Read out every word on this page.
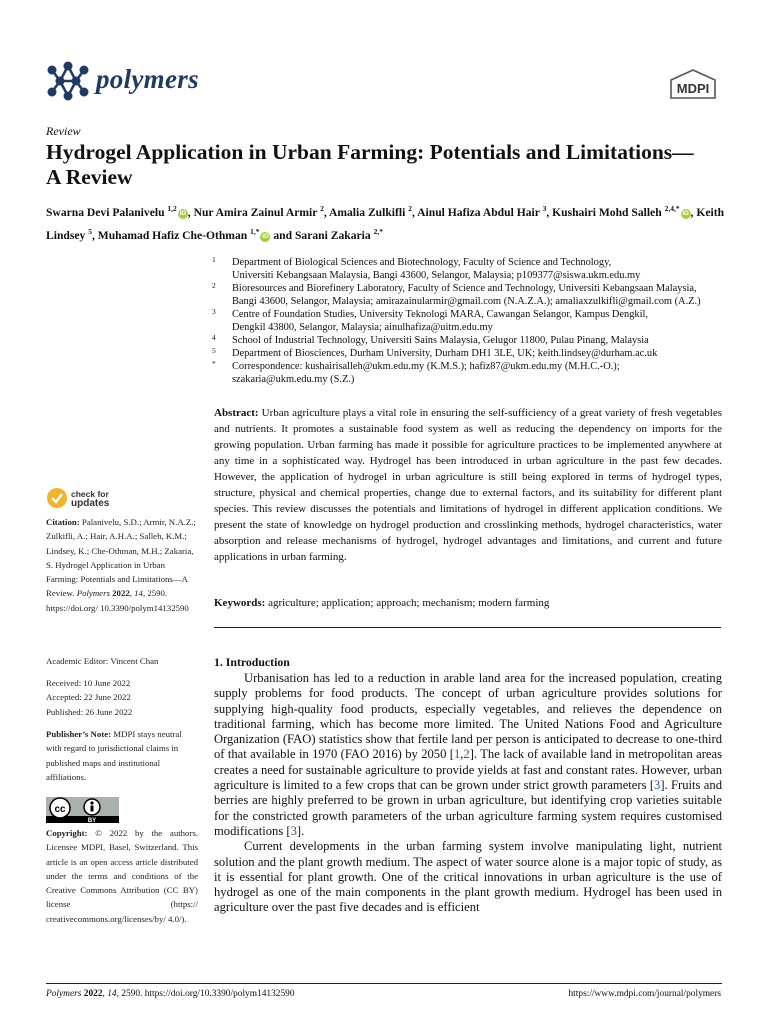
polymers	MDPI
Review
Hydrogel Application in Urban Farming: Potentials and Limitations—A Review
Swarna Devi Palanivelu $^{1,2}$iD , Nur Amira Zainul Armir $^2$, Amalia Zulkifli $^2$, Ainul Hafiza Abdul Hair $^3$, Kushairi Mohd Salleh $^{2,4,*}$iD , Keith Lindsey $^5$, Muhamad Hafiz Che-Othman $^{1,*}$iD and Sarani Zakaria $^{2,*}$
1 Department of Biological Sciences and Biotechnology, Faculty of Science and Technology,
Universiti Kebangsaan Malaysia, Bangi 43600, Selangor, Malaysia; p109377@siswa.ukm.edu.my
2 Bioresources and Biorefinery Laboratory, Faculty of Science and Technology, Universiti Kebangsaan Malaysia,
Bangi 43600, Selangor, Malaysia; amirazainularmir@gmail.com (N.A.Z.A.); amaliaxzulkifli@gmail.com (A.Z.)
3 Centre of Foundation Studies, University Teknologi MARA, Cawangan Selangor, Kampus Dengkil,
Dengkil 43800, Selangor, Malaysia; ainulhafiza@uitm.edu.my
4 School of Industrial Technology, Universiti Sains Malaysia, Gelugor 11800, Pulau Pinang, Malaysia
5 Department of Biosciences, Durham University, Durham DH1 3LE, UK; keith.lindsey@durham.ac.uk
* Correspondence: kushairisalleh@ukm.edu.my (K.M.S.); hafiz87@ukm.edu.my (M.H.C.-O.);
szakaria@ukm.edu.my (S.Z.)
Abstract: Urban agriculture plays a vital role in ensuring the self-sufficiency of a great variety of fresh vegetables and nutrients. It promotes a sustainable food system as well as reducing the dependency on imports for the growing population. Urban farming has made it possible for agriculture practices to be implemented anywhere at any time in a sophisticated way. Hydrogel has been introduced in urban agriculture in the past few decades. However, the application of hydrogel in urban agriculture is still being explored in terms of hydrogel types, structure, physical and chemical properties, change due to external factors, and its suitability for different plant species. This review discusses the potentials and limitations of hydrogel in different application conditions. We present the state of knowledge on hydrogel production and crosslinking methods, hydrogel characteristics, water absorption and release mechanisms of hydrogel, hydrogel advantages and limitations, and current and future applications in urban farming.
Keywords: agriculture; application; approach; mechanism; modern farming
check for
updates
Citation: Palanivelu, S.D.; Armir, N.A.Z.; Zulkifli, A.; Hair, A.H.A.; Salleh, K.M.; Lindsey, K.; Che-Othman, M.H.; Zakaria, S. Hydrogel Application in Urban Farming: Potentials and Limitations—A Review. Polymers 2022, 14, 2590. https://doi.org/ 10.3390/polym14132590
Academic Editor: Vincent Chan
Received: 10 June 2022
Accepted: 22 June 2022
Published: 26 June 2022
Publisher’s Note: MDPI stays neutral with regard to jurisdictional claims in published maps and institutional affiliations.
cc
BY
Copyright: © 2022 by the authors. Licensee MDPI, Basel, Switzerland. This article is an open access article distributed under the terms and conditions of the Creative Commons Attribution (CC BY) license (https:// creativecommons.org/licenses/by/ 4.0/).
1. Introduction

Urbanisation has led to a reduction in arable land area for the increased population, creating supply problems for food products. The concept of urban agriculture provides solutions for supplying high-quality food products, especially vegetables, and relieves the dependence on traditional farming, which has become more limited. The United Nations Food and Agriculture Organization (FAO) statistics show that fertile land per person is anticipated to decrease to one-third of that available in 1970 (FAO 2016) by 2050 [1,2]. The lack of available land in metropolitan areas creates a need for sustainable agriculture to provide yields at fast and constant rates. However, urban agriculture is limited to a few crops that can be grown under strict growth parameters [3]. Fruits and berries are highly preferred to be grown in urban agriculture, but identifying crop varieties suitable for the constricted growth parameters of the urban agriculture farming system requires customised modifications [3].

Current developments in the urban farming system involve manipulating light, nutrient solution and the plant growth medium. The aspect of water source alone is a major topic of study, as it is essential for plant growth. One of the critical innovations in urban agriculture is the use of hydrogel as one of the main components in the plant growth medium. Hydrogel has been used in agriculture over the past five decades and is efficient

Polymers 2022, 14, 2590. https://doi.org/10.3390/polym14132590	https://www.mdpi.com/journal/polymers
